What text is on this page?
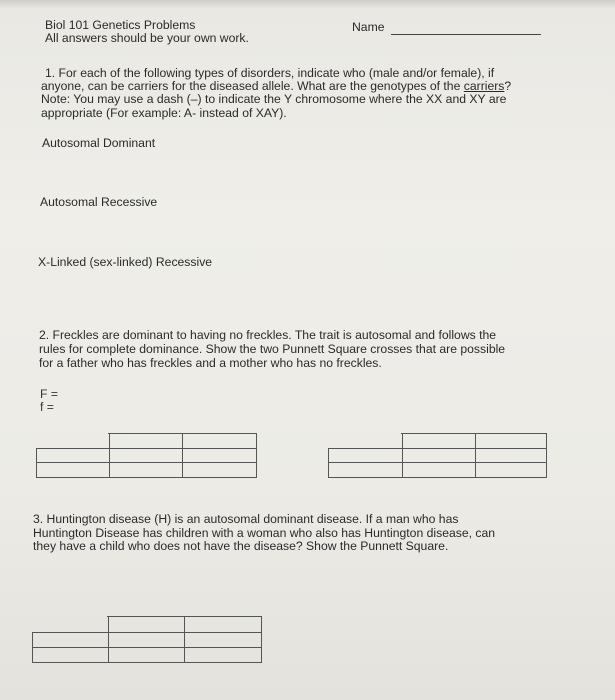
Biol 101 Genetics Problems
All answers should be your own work.
Name
1. For each of the following types of disorders, indicate who (male and/or female), if
anyone, can be carriers for the diseased allele. What are the genotypes of the carriers?
Note: You may use a dash (–) to indicate the Y chromosome where the XX and XY are
appropriate (For example: A- instead of XAY).
Autosomal Dominant
Autosomal Recessive
X-Linked (sex-linked) Recessive
2. Freckles are dominant to having no freckles. The trait is autosomal and follows the
rules for complete dominance. Show the two Punnett Square crosses that are possible
for a father who has freckles and a mother who has no freckles.
F =
f =
3. Huntington disease (H) is an autosomal dominant disease. If a man who has
Huntington Disease has children with a woman who also has Huntington disease, can
they have a child who does not have the disease? Show the Punnett Square.
